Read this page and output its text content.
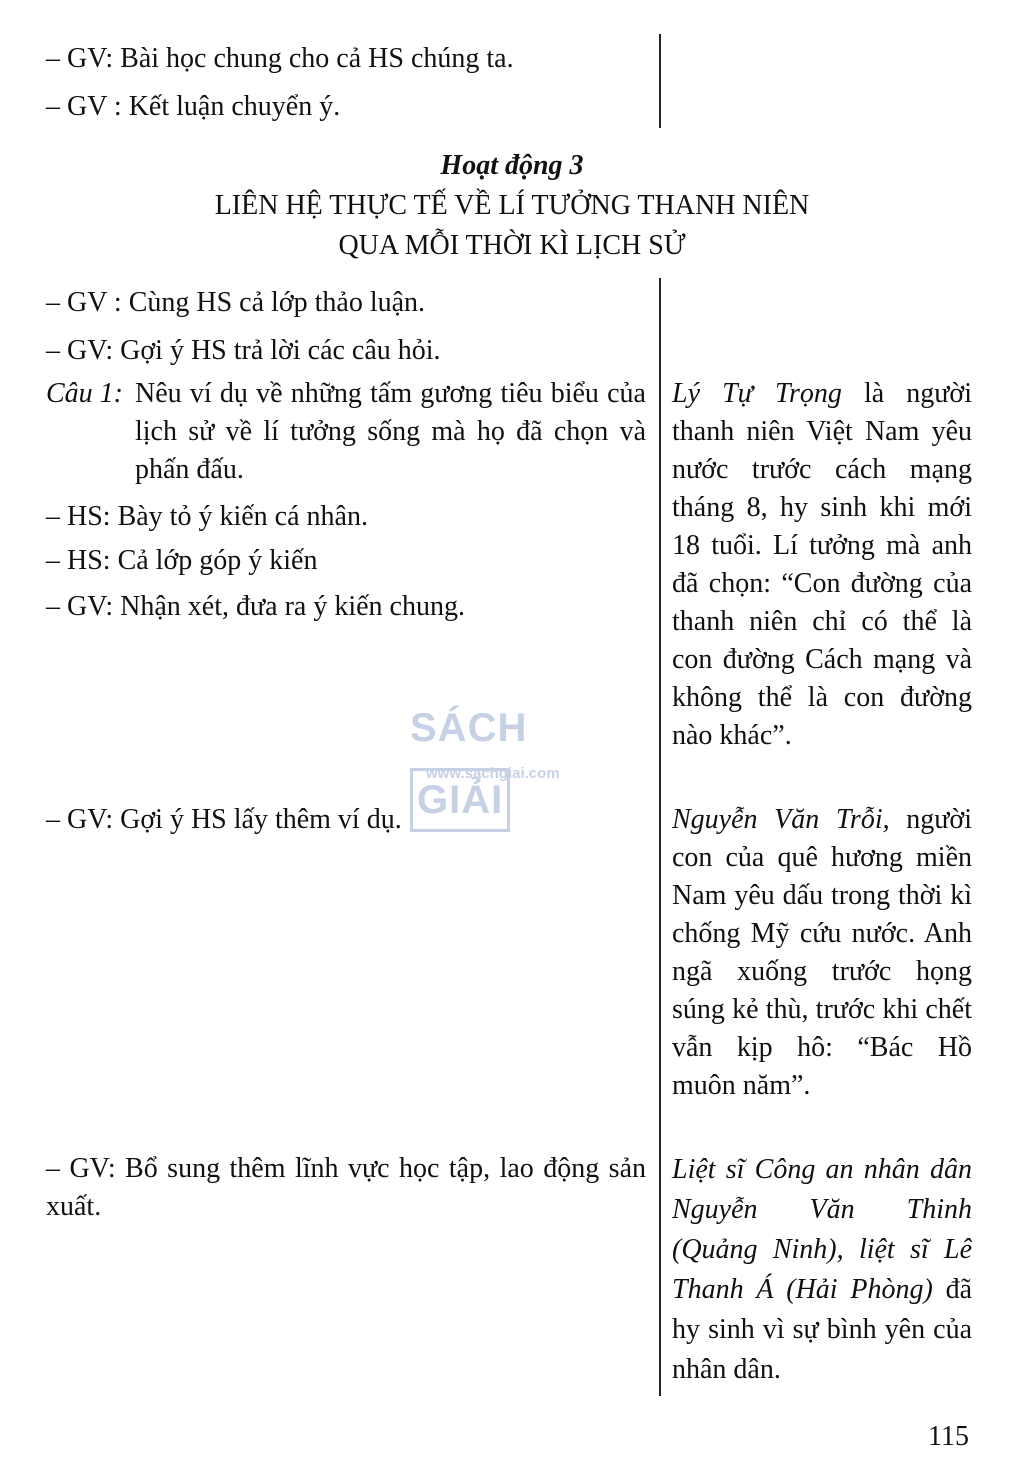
– GV: Bài học chung cho cả HS chúng ta.

– GV : Kết luận chuyển ý.

Hoạt động 3
LIÊN HỆ THỰC TẾ VỀ LÍ TƯỞNG THANH NIÊN
QUA MỖI THỜI KÌ LỊCH SỬ

– GV : Cùng HS cả lớp thảo luận.

– GV: Gợi ý HS trả lời các câu hỏi.

Câu 1: Nêu ví dụ về những tấm gương tiêu biểu của lịch sử về lí tưởng sống mà họ đã chọn và phấn đấu.

– HS: Bày tỏ ý kiến cá nhân.

– HS: Cả lớp góp ý kiến

– GV: Nhận xét, đưa ra ý kiến chung.

– GV: Gợi ý HS lấy thêm ví dụ.

– GV: Bổ sung thêm lĩnh vực học tập, lao động sản xuất.

Lý Tự Trọng là người thanh niên Việt Nam yêu nước trước cách mạng tháng 8, hy sinh khi mới 18 tuổi. Lí tưởng mà anh đã chọn: “Con đường của thanh niên chỉ có thể là con đường Cách mạng và không thể là con đường nào khác”.

Nguyễn Văn Trỗi, người con của quê hương miền Nam yêu dấu trong thời kì chống Mỹ cứu nước. Anh ngã xuống trước họng súng kẻ thù, trước khi chết vẫn kịp hô: “Bác Hồ muôn năm”.

Liệt sĩ Công an nhân dân Nguyễn Văn Thinh (Quảng Ninh), liệt sĩ Lê Thanh Á (Hải Phòng) đã hy sinh vì sự bình yên của nhân dân.

SÁCHGIẢI
www.sachgiai.com

115
